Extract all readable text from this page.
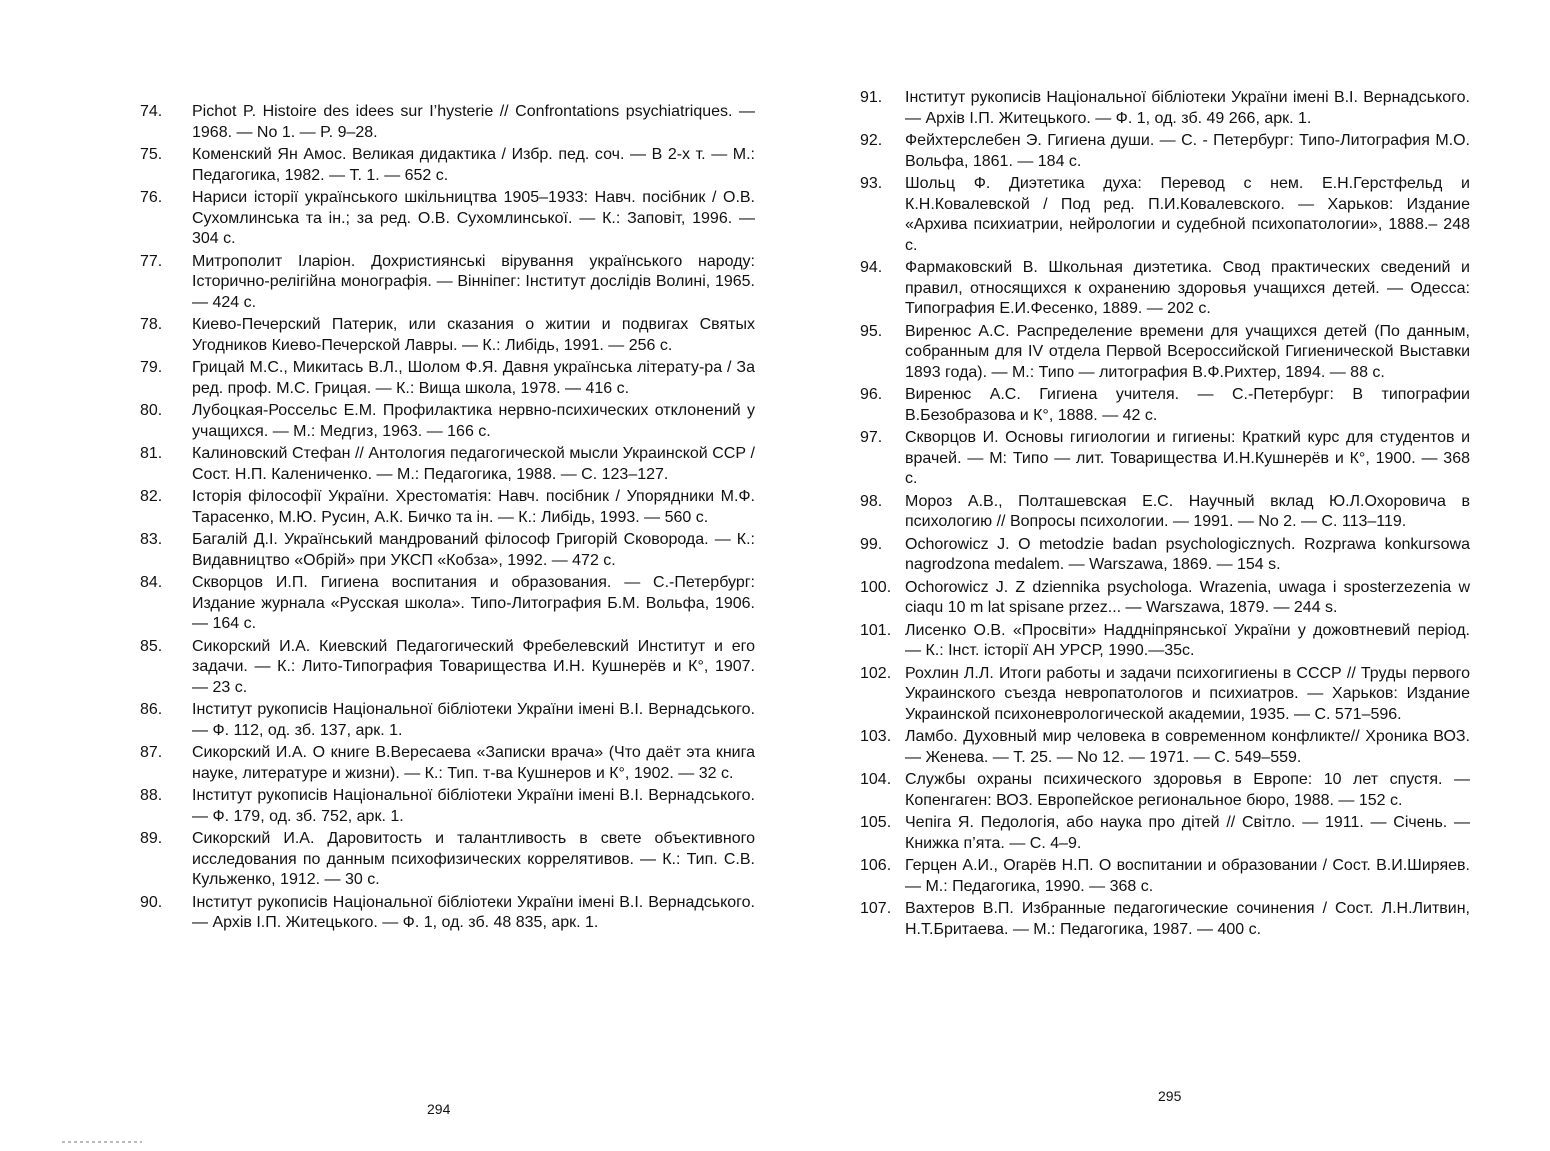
74.	Pichot P. Histoire des idees sur I’hysterie // Confrontations psychiatriques. — 1968. — No 1. — P. 9–28.
75.	Коменский Ян Амос. Великая дидактика / Избр. пед. соч. — В 2-х т. — М.: Педагогика, 1982. — Т. 1. — 652 с.
76.	Нариси історії українського шкільництва 1905–1933: Навч. посібник / О.В. Сухомлинська та ін.; за ред. О.В. Сухомлинської. — К.: Заповіт, 1996. — 304 с.
77.	Митрополит Іларіон. Дохристиянські вірування українського народу: Історично-релігійна монографія. — Вінніпег: Інститут дослідів Волині, 1965. — 424 с.
78.	Киево-Печерский Патерик, или сказания о житии и подвигах Святых Угодников Киево-Печерской Лавры. — К.: Либідь, 1991. — 256 с.
79.	Грицай М.С., Микитась В.Л., Шолом Ф.Я. Давня українська літерату-ра / За ред. проф. М.С. Грицая. — К.: Вища школа, 1978. — 416 с.
80.	Лубоцкая-Россельс Е.М. Профилактика нервно-психических отклонений у учащихся. — М.: Медгиз, 1963. — 166 с.
81.	Калиновский Стефан // Антология педагогической мысли Украинской ССР / Сост. Н.П. Калениченко. — М.: Педагогика, 1988. — С. 123–127.
82.	Історія філософії України. Хрестоматія: Навч. посібник / Упорядники М.Ф. Тарасенко, М.Ю. Русин, А.К. Бичко та ін. — К.: Либідь, 1993. — 560 с.
83.	Багалій Д.І. Український мандрований філософ Григорій Сковорода. — К.: Видавництво «Обрій» при УКСП «Кобза», 1992. — 472 с.
84.	Скворцов И.П. Гигиена воспитания и образования. — С.-Петербург: Издание журнала «Русская школа». Типо-Литография Б.М. Вольфа, 1906. — 164 с.
85.	Сикорский И.А. Киевский Педагогический Фребелевский Институт и его задачи. — К.: Лито-Типография Товарищества И.Н. Кушнерёв и К°, 1907. — 23 с.
86.	Інститут рукописів Національної бібліотеки України імені В.І. Вернадського. — Ф. 112, од. зб. 137, арк. 1.
87.	Сикорский И.А. О книге В.Вересаева «Записки врача» (Что даёт эта книга науке, литературе и жизни). — К.: Тип. т-ва Кушнеров и К°, 1902. — 32 с.
88.	Інститут рукописів Національної бібліотеки України імені В.І. Вернадського. — Ф. 179, од. зб. 752, арк. 1.
89.	Сикорский И.А. Даровитость и талантливость в свете объективного исследования по данным психофизических коррелятивов. — К.: Тип. С.В. Кульженко, 1912. — 30 с.
90.	Інститут рукописів Національної бібліотеки України імені В.І. Вернадського. — Архів І.П. Житецького. — Ф. 1, од. зб. 48 835, арк. 1.
294
91.	Інститут рукописів Національної бібліотеки України імені В.І. Вернадського. — Архів І.П. Житецького. — Ф. 1, од. зб. 49 266, арк. 1.
92.	Фейхтерслебен Э. Гигиена души. — С. - Петербург: Типо-Литография М.О. Вольфа, 1861. — 184 с.
93.	Шольц Ф. Диэтетика духа: Перевод с нем. Е.Н.Герстфельд и К.Н.Ковалевской / Под ред. П.И.Ковалевского. — Харьков: Издание «Архива психиатрии, нейрологии и судебной психопатологии», 1888.– 248 с.
94.	Фармаковский В. Школьная диэтетика. Свод практических сведений и правил, относящихся к охранению здоровья учащихся детей. — Одесса: Типография Е.И.Фесенко, 1889. — 202 с.
95.	Виренюс А.С. Распределение времени для учащихся детей (По данным, собранным для IV отдела Первой Всероссийской Гигиенической Выставки 1893 года). — М.: Типо — литография В.Ф.Рихтер, 1894. — 88 с.
96.	Виренюс А.С. Гигиена учителя. — С.-Петербург: В типографии В.Безобразова и К°, 1888. — 42 с.
97.	Скворцов И. Основы гигиологии и гигиены: Краткий курс для студентов и врачей. — М: Типо — лит. Товарищества И.Н.Кушнерёв и К°, 1900. — 368 с.
98.	Мороз А.В., Полташевская Е.С. Научный вклад Ю.Л.Охоровича в психологию // Вопросы психологии. — 1991. — No 2. — С. 113–119.
99.	Ochorowicz J. O metodzie badan psychologicznych. Rozprawa konkursowa nagrodzona medalem. — Warszawa, 1869. — 154 s.
100. Ochorowicz J. Z dziennika psychologa. Wrazenia, uwaga i sposterzezenia w ciaqu 10 m lat spisane przez... — Warszawa, 1879. — 244 s.
101. Лисенко О.В. «Просвіти» Наддніпрянської України у дожовтневий період. — К.: Інст. історії АН УРСР, 1990.—35с.
102. Рохлин Л.Л. Итоги работы и задачи психогигиены в СССР // Труды первого Украинского съезда невропатологов и психиатров. — Харьков: Издание Украинской психоневрологической академии, 1935. — С. 571–596.
103. Ламбо. Духовный мир человека в современном конфликте// Хроника ВОЗ. — Женева. — Т. 25. — No 12. — 1971. — С. 549–559.
104. Службы охраны психического здоровья в Европе: 10 лет спустя. — Копенгаген: ВОЗ. Европейское региональное бюро, 1988. — 152 с.
105. Чепіга Я. Педологія, або наука про дітей // Світло. — 1911. — Січень. — Книжка п’ята. — С. 4–9.
106. Герцен А.И., Огарёв Н.П. О воспитании и образовании / Сост. В.И.Ширяев. — М.: Педагогика, 1990. — 368 с.
107. Вахтеров В.П. Избранные педагогические сочинения / Сост. Л.Н.Литвин, Н.Т.Бритаева. — М.: Педагогика, 1987. — 400 с.
295
